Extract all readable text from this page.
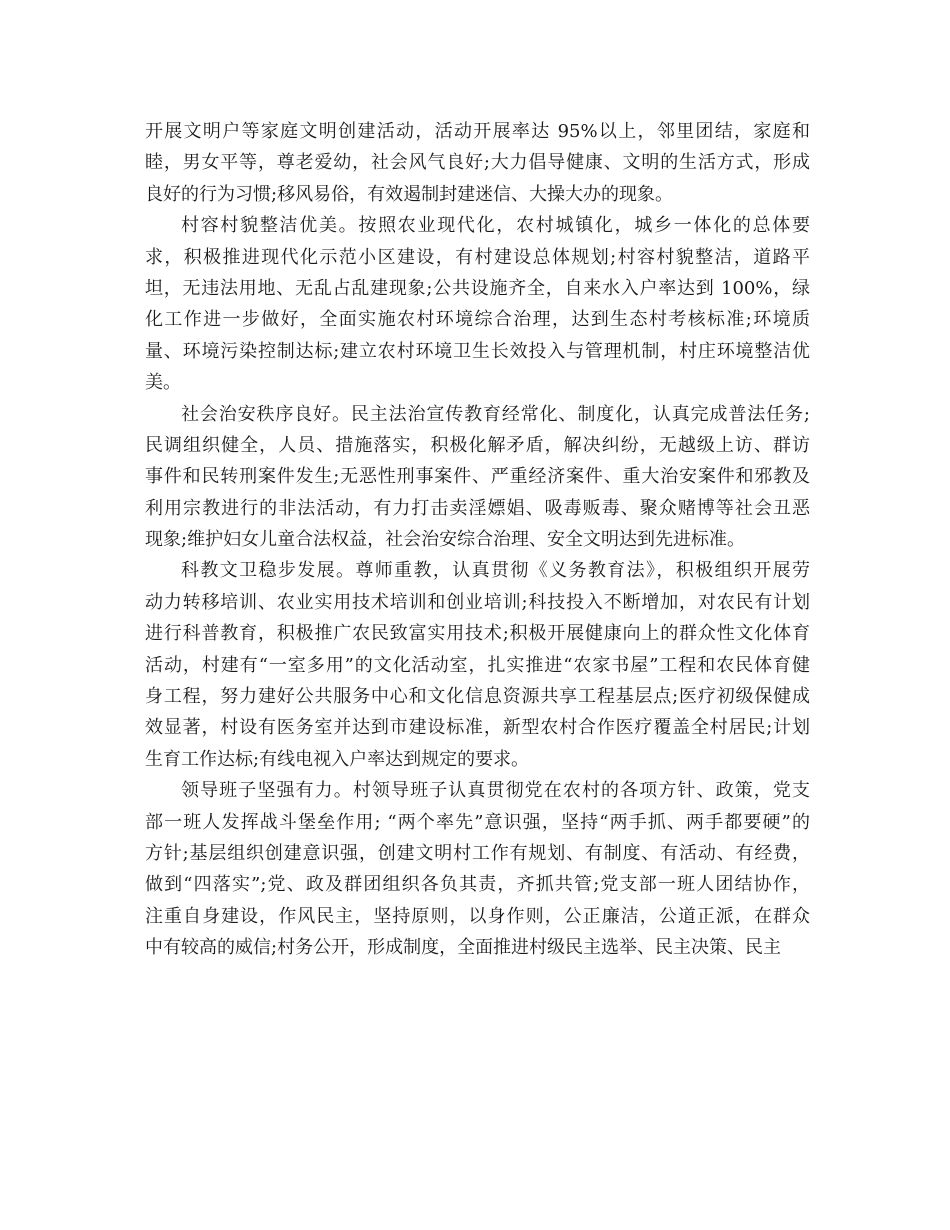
开展文明户等家庭文明创建活动，活动开展率达 95%以上，邻里团结，家庭和
睦，男女平等，尊老爱幼，社会风气良好;大力倡导健康、文明的生活方式，形成
良好的行为习惯;移风易俗，有效遏制封建迷信、大操大办的现象。
村容村貌整洁优美。按照农业现代化，农村城镇化，城乡一体化的总体要
求，积极推进现代化示范小区建设，有村建设总体规划;村容村貌整洁，道路平
坦，无违法用地、无乱占乱建现象;公共设施齐全，自来水入户率达到 100%，绿
化工作进一步做好，全面实施农村环境综合治理，达到生态村考核标准;环境质
量、环境污染控制达标;建立农村环境卫生长效投入与管理机制，村庄环境整洁优
美。
社会治安秩序良好。民主法治宣传教育经常化、制度化，认真完成普法任务;
民调组织健全，人员、措施落实，积极化解矛盾，解决纠纷，无越级上访、群访
事件和民转刑案件发生;无恶性刑事案件、严重经济案件、重大治安案件和邪教及
利用宗教进行的非法活动，有力打击卖淫嫖娼、吸毒贩毒、聚众赌博等社会丑恶
现象;维护妇女儿童合法权益，社会治安综合治理、安全文明达到先进标准。
科教文卫稳步发展。尊师重教，认真贯彻《义务教育法》，积极组织开展劳
动力转移培训、农业实用技术培训和创业培训;科技投入不断增加，对农民有计划
进行科普教育，积极推广农民致富实用技术;积极开展健康向上的群众性文化体育
活动，村建有“一室多用”的文化活动室，扎实推进“农家书屋”工程和农民体育健
身工程，努力建好公共服务中心和文化信息资源共享工程基层点;医疗初级保健成
效显著，村设有医务室并达到市建设标准，新型农村合作医疗覆盖全村居民;计划
生育工作达标;有线电视入户率达到规定的要求。
领导班子坚强有力。村领导班子认真贯彻党在农村的各项方针、政策，党支
部一班人发挥战斗堡垒作用; “两个率先”意识强，坚持“两手抓、两手都要硬”的
方针;基层组织创建意识强，创建文明村工作有规划、有制度、有活动、有经费，
做到“四落实”;党、政及群团组织各负其责，齐抓共管;党支部一班人团结协作，
注重自身建设，作风民主，坚持原则，以身作则，公正廉洁，公道正派，在群众
中有较高的威信;村务公开，形成制度，全面推进村级民主选举、民主决策、民主
